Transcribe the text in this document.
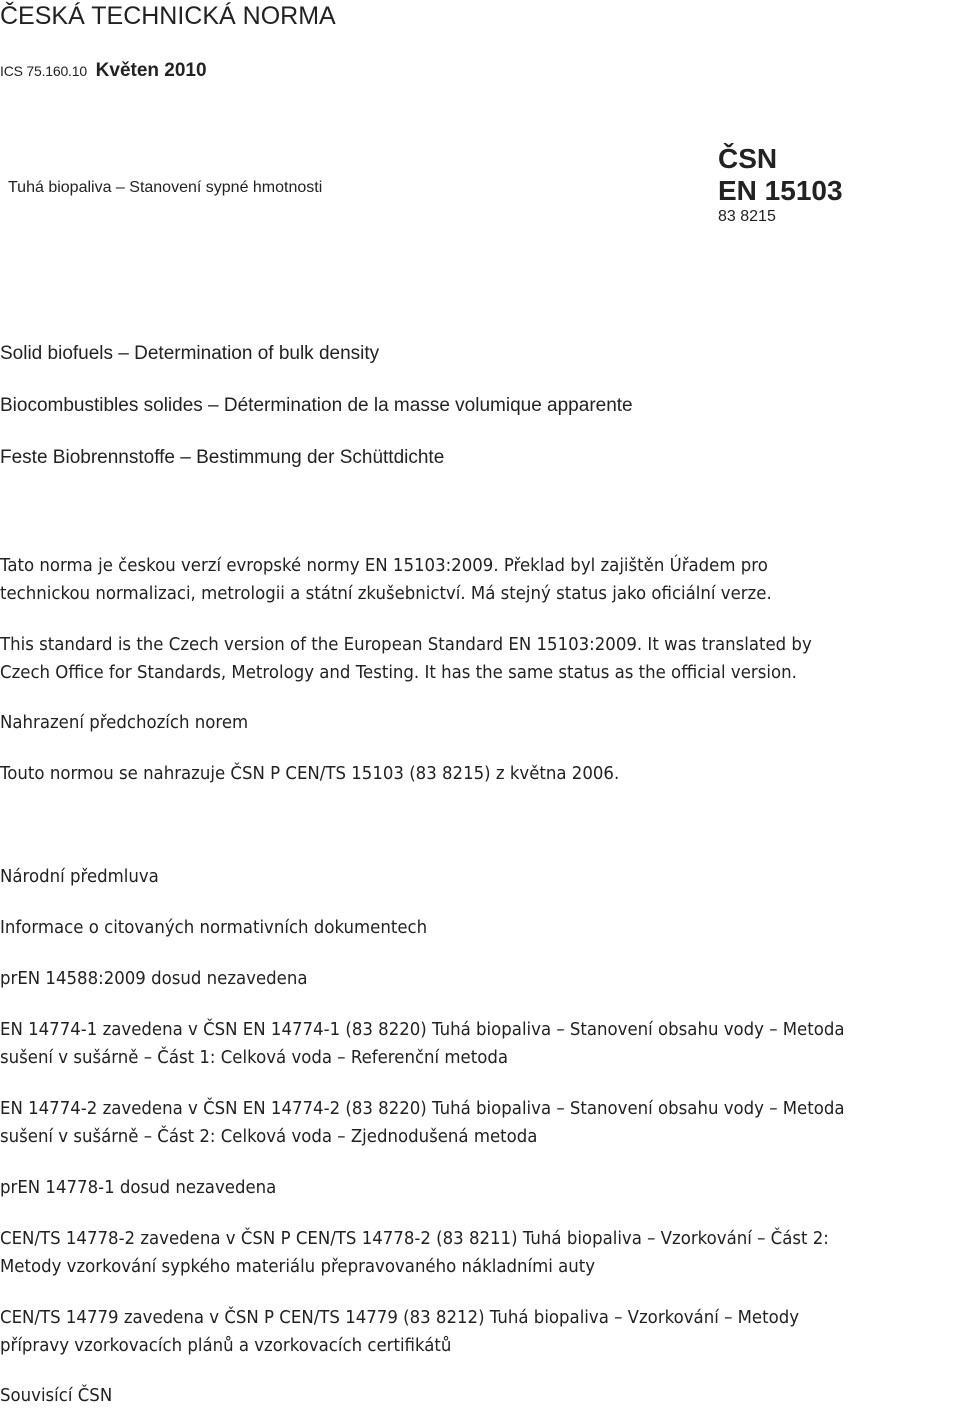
ČESKÁ TECHNICKÁ NORMA
ICS 75.160.10 Květen 2010
Tuhá biopaliva – Stanovení sypné hmotnosti
ČSN
EN 15103
83 8215
Solid biofuels – Determination of bulk density
Biocombustibles solides – Détermination de la masse volumique apparente
Feste Biobrennstoffe – Bestimmung der Schüttdichte
Tato norma je českou verzí evropské normy EN 15103:2009. Překlad byl zajištěn Úřadem pro
technickou normalizaci, metrologii a státní zkušebnictví. Má stejný status jako oficiální verze.
This standard is the Czech version of the European Standard EN 15103:2009. It was translated by
Czech Office for Standards, Metrology and Testing. It has the same status as the official version.
Nahrazení předchozích norem
Touto normou se nahrazuje ČSN P CEN/TS 15103 (83 8215) z května 2006.
Národní předmluva
Informace o citovaných normativních dokumentech
prEN 14588:2009 dosud nezavedena
EN 14774-1 zavedena v ČSN EN 14774-1 (83 8220) Tuhá biopaliva – Stanovení obsahu vody – Metoda
sušení v sušárně – Část 1: Celková voda – Referenční metoda
EN 14774-2 zavedena v ČSN EN 14774-2 (83 8220) Tuhá biopaliva – Stanovení obsahu vody – Metoda
sušení v sušárně – Část 2: Celková voda – Zjednodušená metoda
prEN 14778-1 dosud nezavedena
CEN/TS 14778-2 zavedena v ČSN P CEN/TS 14778-2 (83 8211) Tuhá biopaliva – Vzorkování – Část 2:
Metody vzorkování sypkého materiálu přepravovaného nákladními auty
CEN/TS 14779 zavedena v ČSN P CEN/TS 14779 (83 8212) Tuhá biopaliva – Vzorkování – Metody
přípravy vzorkovacích plánů a vzorkovacích certifikátů
Souvisící ČSN
